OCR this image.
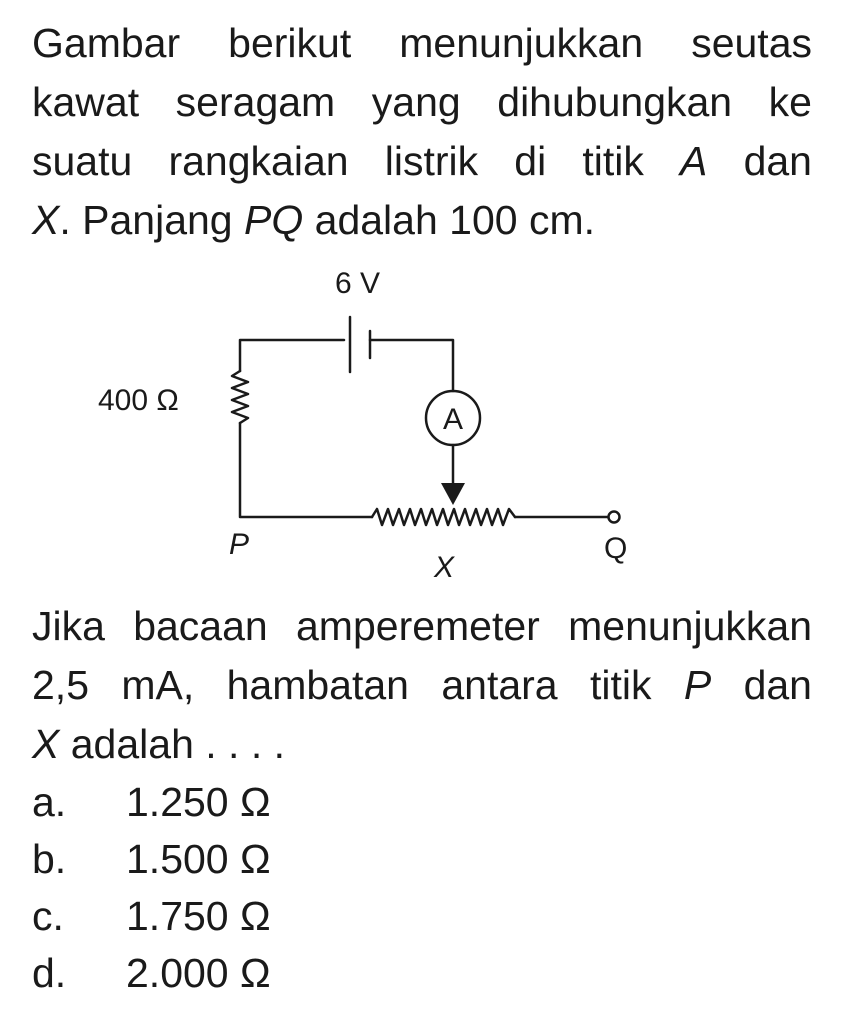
Gambar berikut menunjukkan seutas
kawat seragam yang dihubungkan ke
suatu rangkaian listrik di titik A dan
X. Panjang PQ adalah 100 cm.
6 V
400 Ω
A
P
X
Q
Jika bacaan amperemeter menunjukkan
2,5 mA, hambatan antara titik P dan
X adalah . . . .
a. 1.250 Ω
b. 1.500 Ω
c. 1.750 Ω
d. 2.000 Ω
